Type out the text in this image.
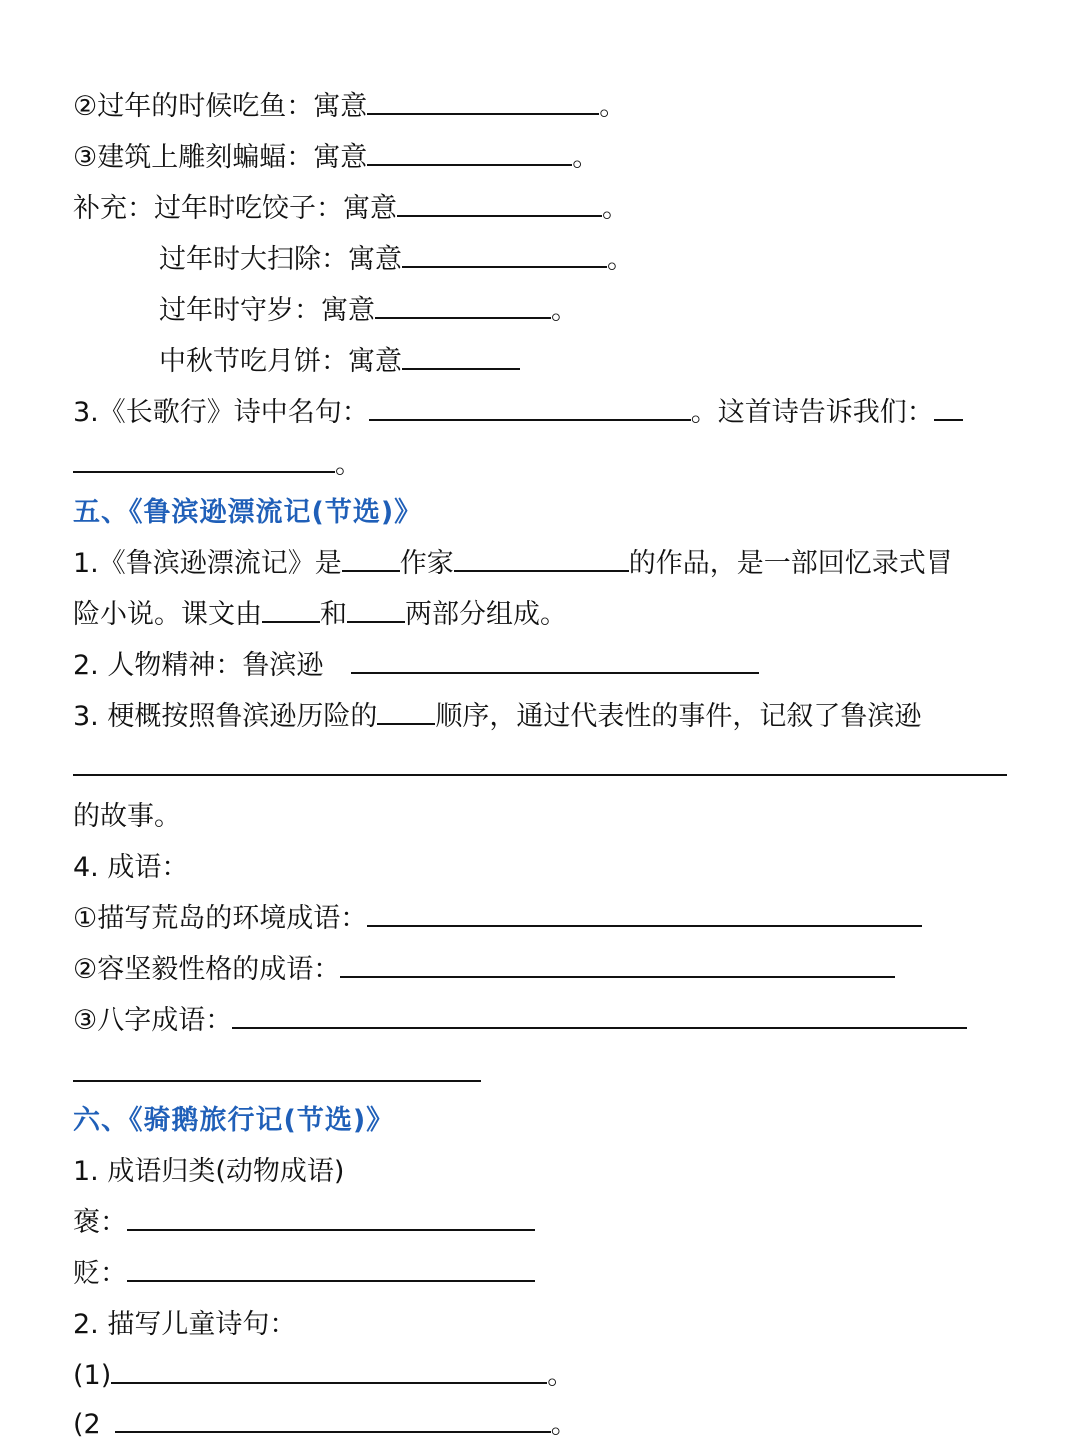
②过年的时候吃鱼：寓意	。
③建筑上雕刻蝙蝠：寓意	。
补充：过年时吃饺子：寓意	。
过年时大扫除：寓意	。
过年时守岁：寓意	。
中秋节吃月饼：寓意
3.《长歌行》诗中名句：	。这首诗告诉我们：
。
五、《鲁滨逊漂流记(节选)》
1.《鲁滨逊漂流记》是 作家	的作品，是一部回忆录式冒
险小说。课文由 和 两部分组成。
2. 人物精神：鲁滨逊
3. 梗概按照鲁滨逊历险的 顺序，通过代表性的事件，记叙了鲁滨逊
的故事。
4. 成语：
①描写荒岛的环境成语：
②容坚毅性格的成语：
③八字成语：
六、《骑鹅旅行记(节选)》
1. 成语归类(动物成语)
褒：
贬：
2. 描写儿童诗句：
(1)	。
(2	。
